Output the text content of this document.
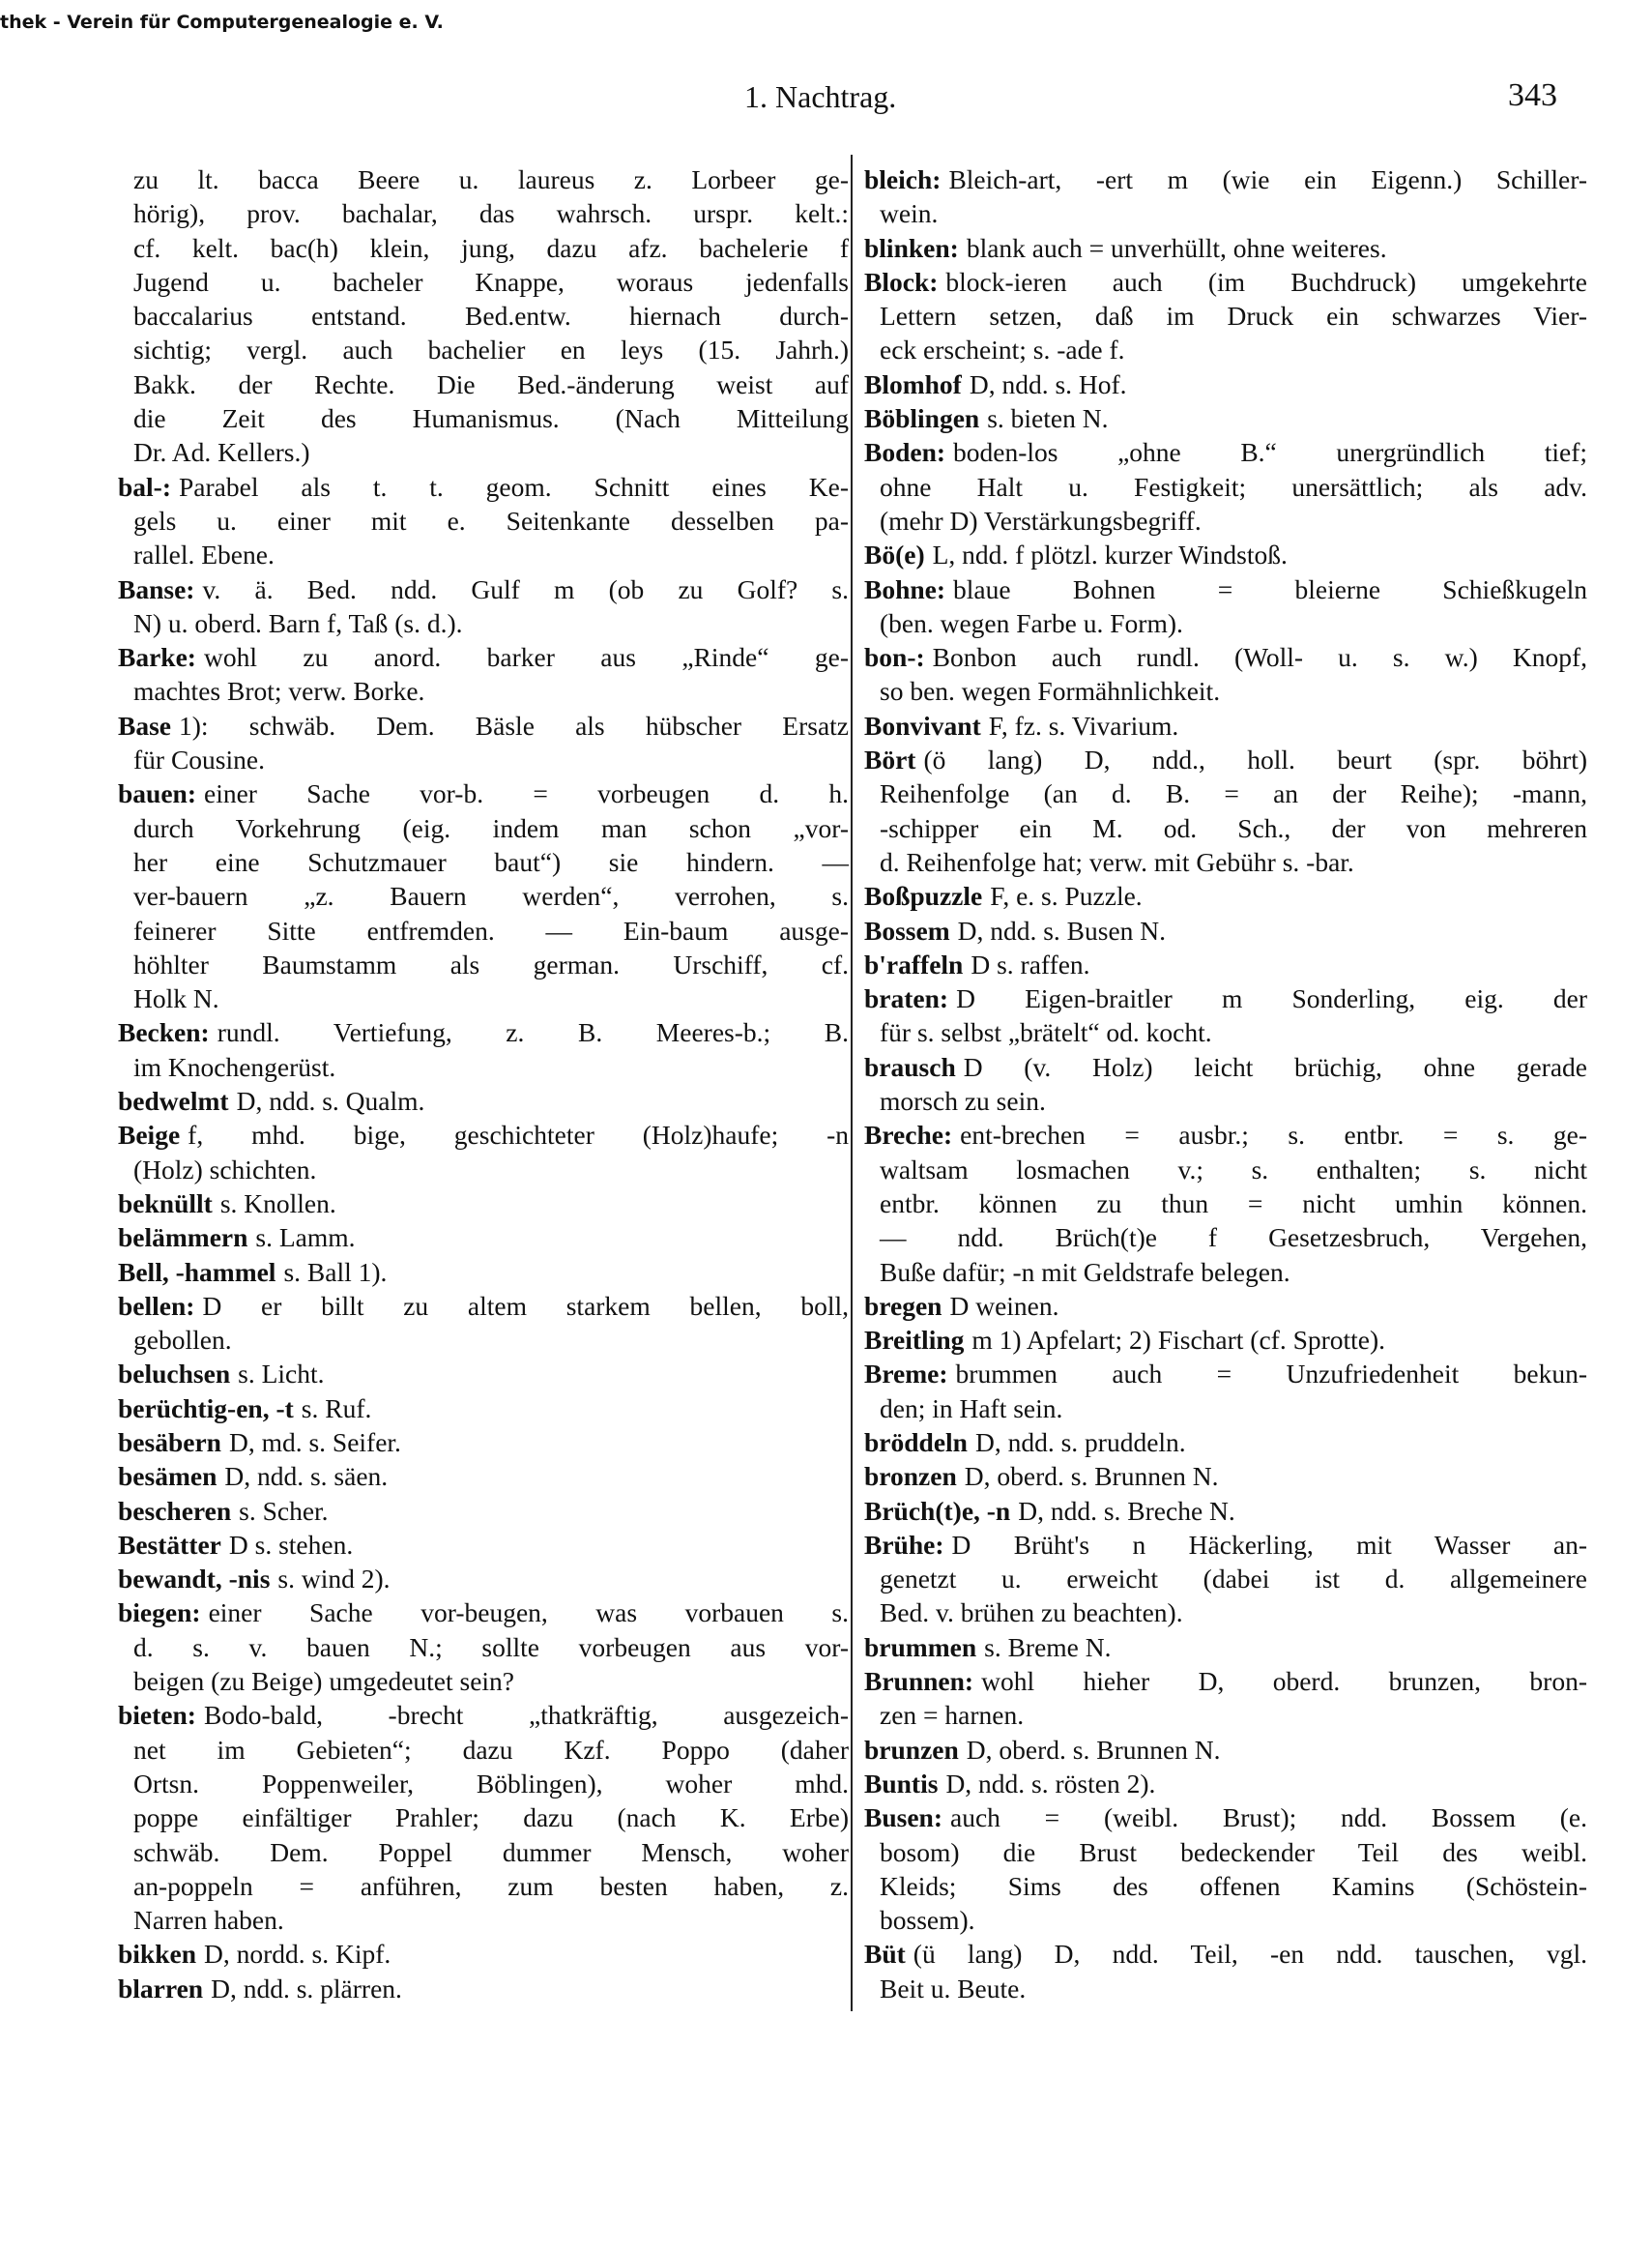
thek - Verein für Computergenealogie e. V.
1. Nachtrag.	343
zu lt. bacca Beere u. laureus z. Lorbeer ge-
hörig), prov. bachalar, das wahrsch. urspr. kelt.:
cf. kelt. bac(h) klein, jung, dazu afz. bachelerie f
Jugend u. bacheler Knappe, woraus jedenfalls
baccalarius entstand. Bed.entw. hiernach durch-
sichtig; vergl. auch bachelier en leys (15. Jahrh.)
Bakk. der Rechte. Die Bed.-änderung weist auf
die Zeit des Humanismus. (Nach Mitteilung
Dr. Ad. Kellers.)
bal-: Parabel als t. t. geom. Schnitt eines Ke-
gels u. einer mit e. Seitenkante desselben pa-
rallel. Ebene.
Banse: v. ä. Bed. ndd. Gulf m (ob zu Golf? s.
N) u. oberd. Barn f, Taß (s. d.).
Barke: wohl zu anord. barker aus „Rinde“ ge-
machtes Brot; verw. Borke.
Base 1): schwäb. Dem. Bäsle als hübscher Ersatz
für Cousine.
bauen: einer Sache vor-b. = vorbeugen d. h.
durch Vorkehrung (eig. indem man schon „vor-
her eine Schutzmauer baut“) sie hindern. —
ver-bauern „z. Bauern werden“, verrohen, s.
feinerer Sitte entfremden. — Ein-baum ausge-
höhlter Baumstamm als german. Urschiff, cf.
Holk N.
Becken: rundl. Vertiefung, z. B. Meeres-b.; B.
im Knochengerüst.
bedwelmt D, ndd. s. Qualm.
Beige f, mhd. bige, geschichteter (Holz)haufe; -n
(Holz) schichten.
beknüllt s. Knollen.
belämmern s. Lamm.
Bell, -hammel s. Ball 1).
bellen: D er billt zu altem starkem bellen, boll,
gebollen.
beluchsen s. Licht.
berüchtig-en, -t s. Ruf.
besäbern D, md. s. Seifer.
besämen D, ndd. s. säen.
bescheren s. Scher.
Bestätter D s. stehen.
bewandt, -nis s. wind 2).
biegen: einer Sache vor-beugen, was vorbauen s.
d. s. v. bauen N.; sollte vorbeugen aus vor-
beigen (zu Beige) umgedeutet sein?
bieten: Bodo-bald, -brecht „thatkräftig, ausgezeich-
net im Gebieten“; dazu Kzf. Poppo (daher
Ortsn. Poppenweiler, Böblingen), woher mhd.
poppe einfältiger Prahler; dazu (nach K. Erbe)
schwäb. Dem. Poppel dummer Mensch, woher
an-poppeln = anführen, zum besten haben, z.
Narren haben.
bikken D, nordd. s. Kipf.
blarren D, ndd. s. plärren.
bleich: Bleich-art, -ert m (wie ein Eigenn.) Schiller-
wein.
blinken: blank auch = unverhüllt, ohne weiteres.
Block: block-ieren auch (im Buchdruck) umgekehrte
Lettern setzen, daß im Druck ein schwarzes Vier-
eck erscheint; s. -ade f.
Blomhof D, ndd. s. Hof.
Böblingen s. bieten N.
Boden: boden-los „ohne B.“ unergründlich tief;
ohne Halt u. Festigkeit; unersättlich; als adv.
(mehr D) Verstärkungsbegriff.
Bö(e) L, ndd. f plötzl. kurzer Windstoß.
Bohne: blaue Bohnen = bleierne Schießkugeln
(ben. wegen Farbe u. Form).
bon-: Bonbon auch rundl. (Woll- u. s. w.) Knopf,
so ben. wegen Formähnlichkeit.
Bonvivant F, fz. s. Vivarium.
Bört (ö lang) D, ndd., holl. beurt (spr. böhrt)
Reihenfolge (an d. B. = an der Reihe); -mann,
-schipper ein M. od. Sch., der von mehreren
d. Reihenfolge hat; verw. mit Gebühr s. -bar.
Boßpuzzle F, e. s. Puzzle.
Bossem D, ndd. s. Busen N.
b'raffeln D s. raffen.
braten: D Eigen-braitler m Sonderling, eig. der
für s. selbst „brätelt“ od. kocht.
brausch D (v. Holz) leicht brüchig, ohne gerade
morsch zu sein.
Breche: ent-brechen = ausbr.; s. entbr. = s. ge-
waltsam losmachen v.; s. enthalten; s. nicht
entbr. können zu thun = nicht umhin können.
— ndd. Brüch(t)e f Gesetzesbruch, Vergehen,
Buße dafür; -n mit Geldstrafe belegen.
bregen D weinen.
Breitling m 1) Apfelart; 2) Fischart (cf. Sprotte).
Breme: brummen auch = Unzufriedenheit bekun-
den; in Haft sein.
bröddeln D, ndd. s. pruddeln.
bronzen D, oberd. s. Brunnen N.
Brüch(t)e, -n D, ndd. s. Breche N.
Brühe: D Brüht's n Häckerling, mit Wasser an-
genetzt u. erweicht (dabei ist d. allgemeinere
Bed. v. brühen zu beachten).
brummen s. Breme N.
Brunnen: wohl hieher D, oberd. brunzen, bron-
zen = harnen.
brunzen D, oberd. s. Brunnen N.
Buntis D, ndd. s. rösten 2).
Busen: auch = (weibl. Brust); ndd. Bossem (e.
bosom) die Brust bedeckender Teil des weibl.
Kleids; Sims des offenen Kamins (Schöstein-
bossem).
Büt (ü lang) D, ndd. Teil, -en ndd. tauschen, vgl.
Beit u. Beute.
